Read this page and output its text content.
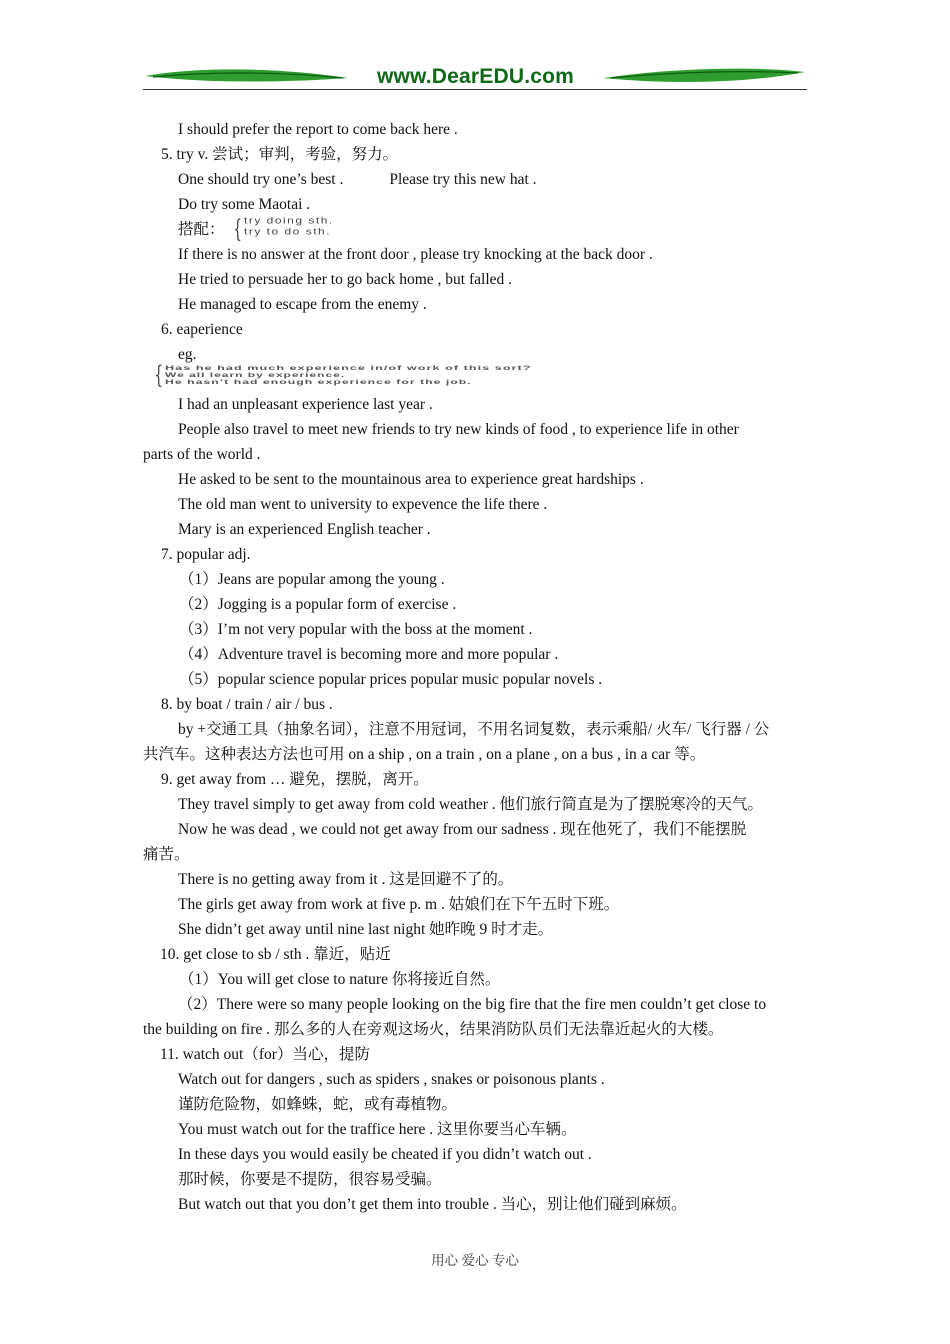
www.DearEDU.com
I should prefer the report to come back here .
5. try v. 尝试；审判，考验，努力。
One should try one’s best .	Please try this new hat .
Do try some Maotai .
搭配： { try doing sth.
try to do sth.
If there is no answer at the front door , please try knocking at the back door .
He tried to persuade her to go back home , but falled .
He managed to escape from the enemy .
6. eaperience
eg.
{ Has he had much experience in/of work of this sort?
We all learn by experience.
He hasn’t had enough experience for the job.
I had an unpleasant experience last year .
People also travel to meet new friends to try new kinds of food , to experience life in other
parts of the world .
He asked to be sent to the mountainous area to experience great hardships .
The old man went to university to expevence the life there .
Mary is an experienced English teacher .
7. popular adj.
（1）Jeans are popular among the young .
（2）Jogging is a popular form of exercise .
（3）I’m not very popular with the boss at the moment .
（4）Adventure travel is becoming more and more popular .
（5）popular science popular prices popular music popular novels .
8. by boat / train / air / bus .
by +交通工具（抽象名词），注意不用冠词，不用名词复数，表示乘船/ 火车/ 飞行器 / 公
共汽车。这种表达方法也可用 on a ship , on a train , on a plane , on a bus , in a car 等。
9. get away from … 避免，摆脱，离开。
They travel simply to get away from cold weather . 他们旅行简直是为了摆脱寒冷的天气。
Now he was dead , we could not get away from our sadness . 现在他死了，我们不能摆脱
痛苦。
There is no getting away from it . 这是回避不了的。
The girls get away from work at five p. m . 姑娘们在下午五时下班。
She didn’t get away until nine last night 她昨晚 9 时才走。
10. get close to sb / sth . 靠近，贴近
（1）You will get close to nature 你将接近自然。
（2）There were so many people looking on the big fire that the fire men couldn’t get close to
the building on fire . 那么多的人在旁观这场火，结果消防队员们无法靠近起火的大楼。
11. watch out（for）当心，提防
Watch out for dangers , such as spiders , snakes or poisonous plants .
谨防危险物，如蜂蛛，蛇，或有毒植物。
You must watch out for the traffice here . 这里你要当心车辆。
In these days you would easily be cheated if you didn’t watch out .
那时候，你要是不提防，很容易受骗。
But watch out that you don’t get them into trouble . 当心，别让他们碰到麻烦。
用心 爱心 专心
